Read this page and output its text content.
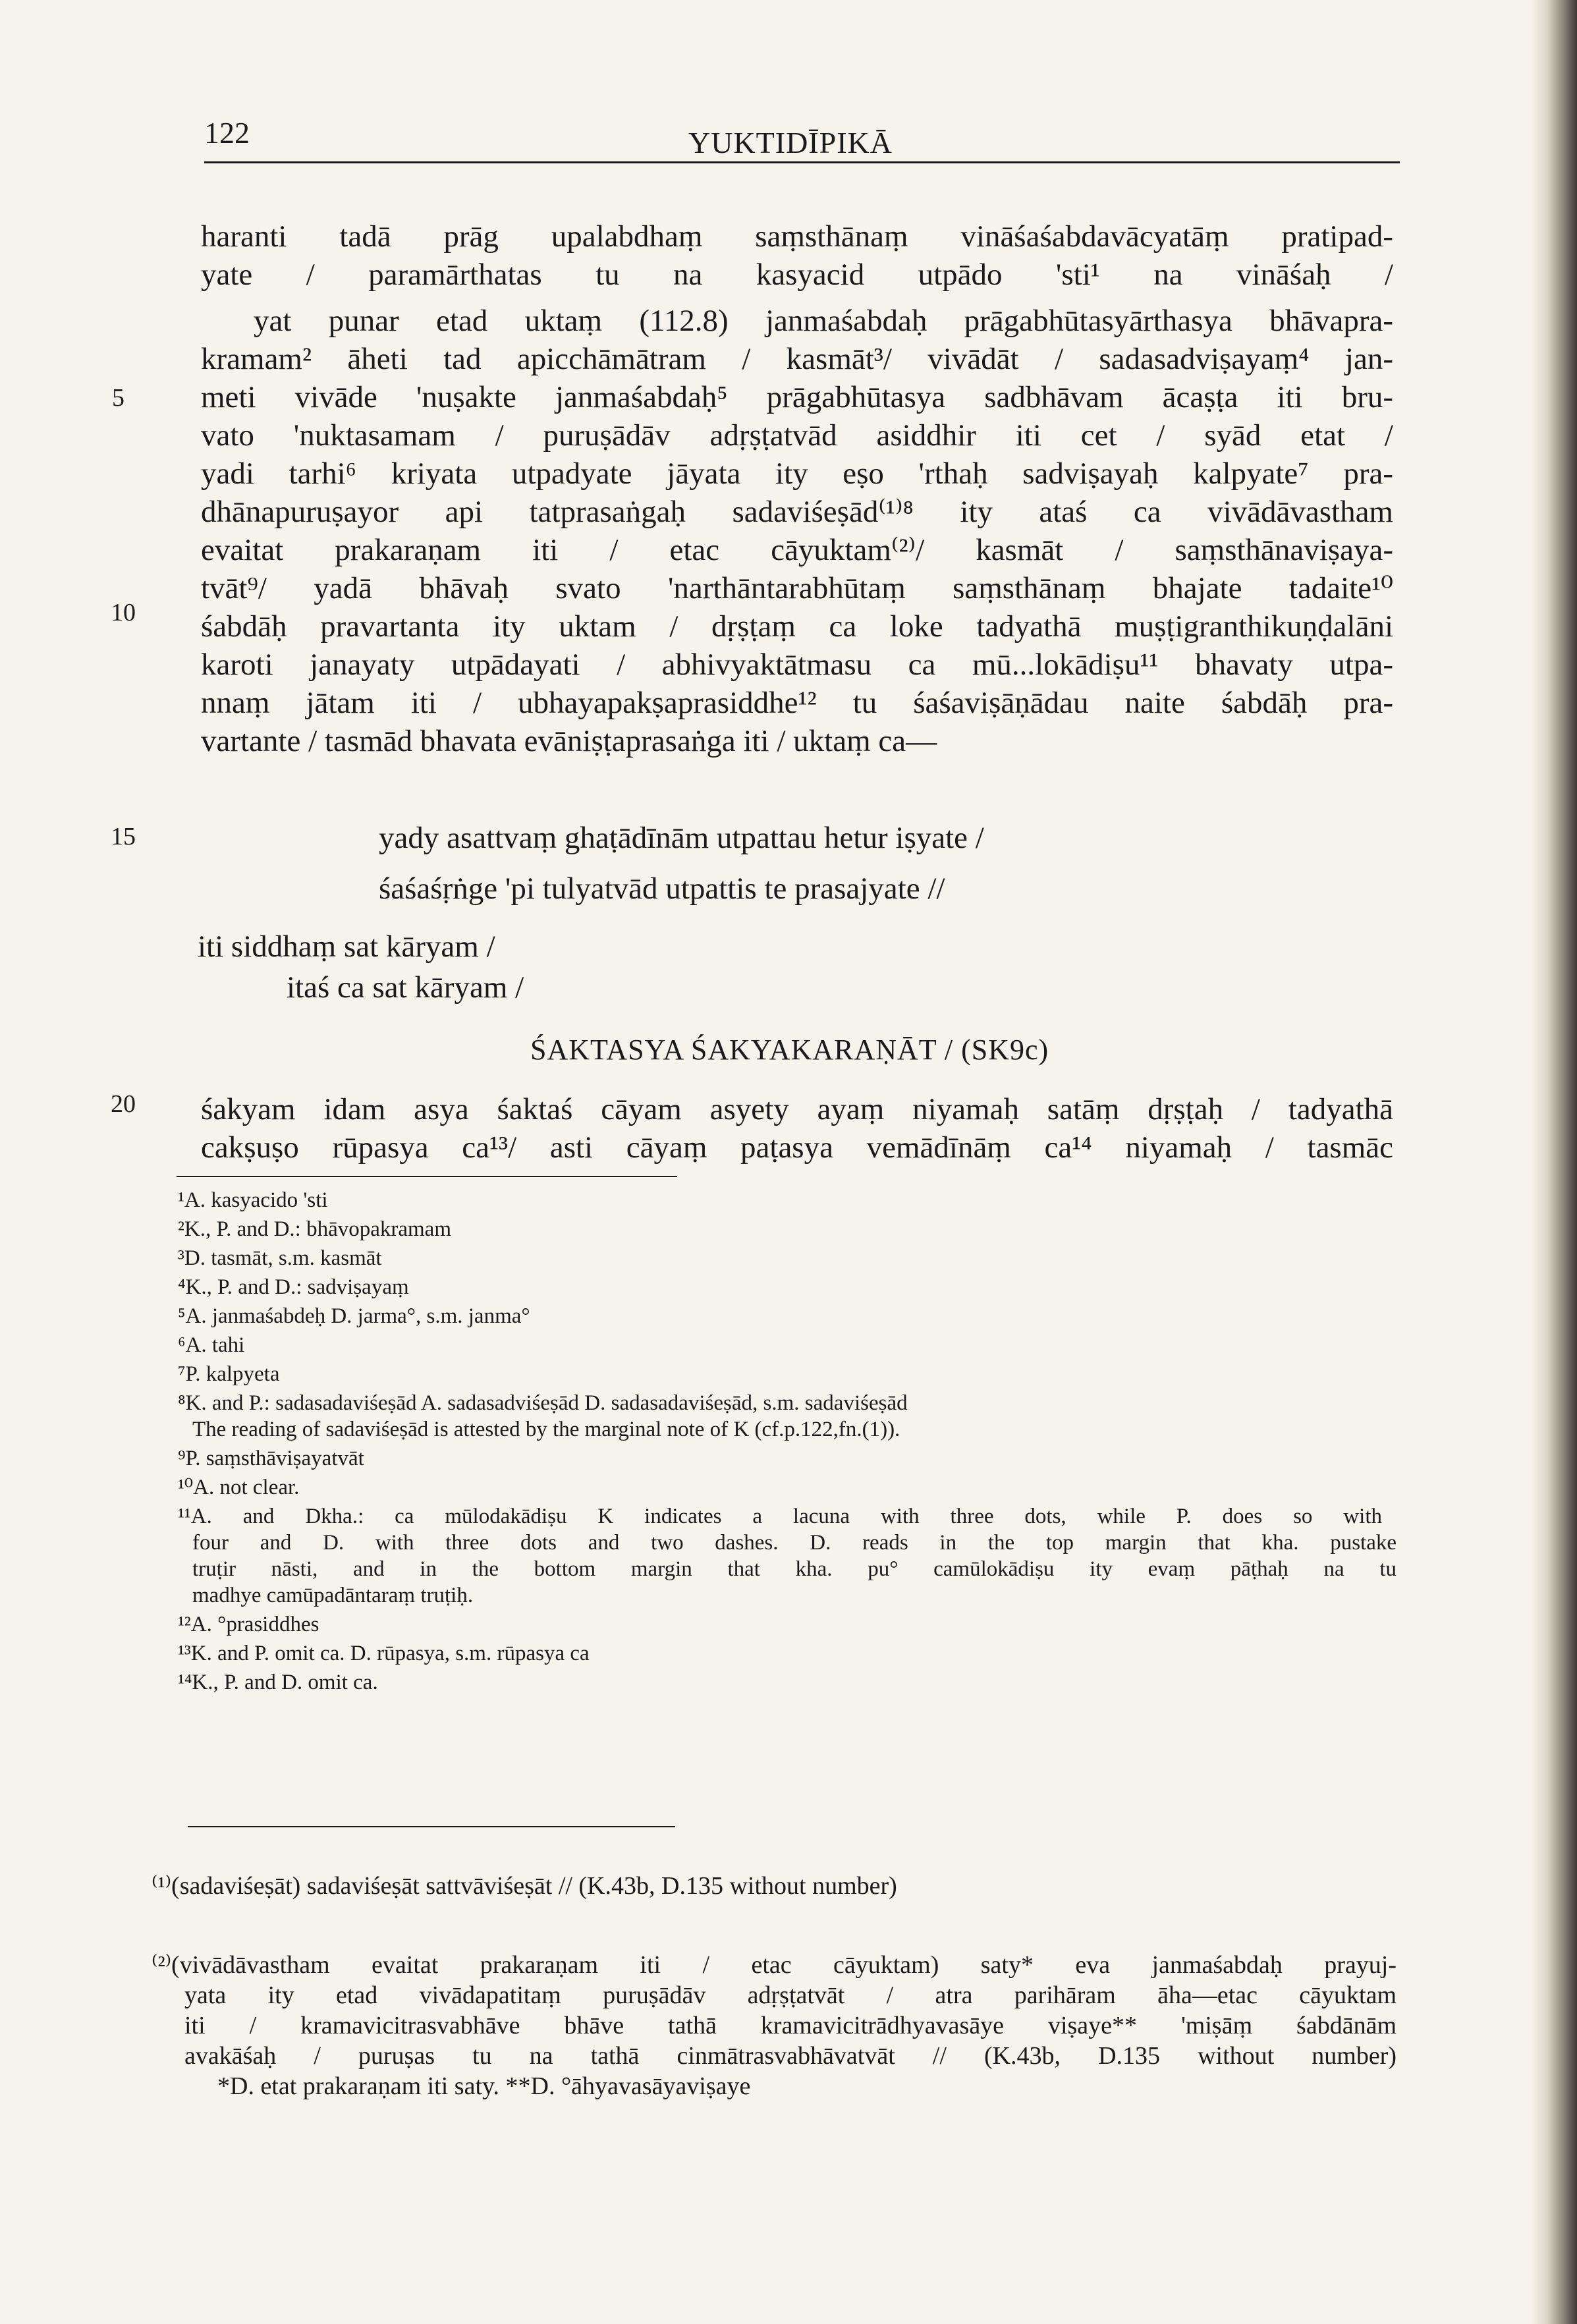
122	YUKTIDĪPIKĀ
haranti tadā prāg upalabdhaṃ saṃsthānaṃ vināśaśabdavācyatāṃ pratipad-
yate / paramārthatas tu na kasyacid utpādo 'sti¹ na vināśaḥ /
yat punar etad uktaṃ (112.8) janmaśabdaḥ prāgabhūtasyārthasya bhāvapra-
kramam² āheti tad apicchāmātram / kasmāt³/ vivādāt / sadasadviṣayaṃ⁴ jan-
meti vivāde 'nuṣakte janmaśabdaḥ⁵ prāgabhūtasya sadbhāvam ācaṣṭa iti bru-
vato 'nuktasamam / puruṣādāv adṛṣṭatvād asiddhir iti cet / syād etat /
yadi tarhi⁶ kriyata utpadyate jāyata ity eṣo 'rthaḥ sadviṣayaḥ kalpyate⁷ pra-
dhānapuruṣayor api tatprasaṅgaḥ sadaviśeṣād⁽¹⁾⁸ ity ataś ca vivādāvastham
evaitat prakaraṇam iti / etac cāyuktam⁽²⁾/ kasmāt / saṃsthānaviṣaya-
tvāt⁹/ yadā bhāvaḥ svato 'narthāntarabhūtaṃ saṃsthānaṃ bhajate tadaite¹⁰
śabdāḥ pravartanta ity uktam / dṛṣṭaṃ ca loke tadyathā muṣṭigranthikuṇḍalāni
karoti janayaty utpādayati / abhivyaktātmasu ca mū...lokādiṣu¹¹ bhavaty utpa-
nnaṃ jātam iti / ubhayapakṣaprasiddhe¹² tu śaśaviṣāṇādau naite śabdāḥ pra-
vartante / tasmād bhavata evāniṣṭaprasaṅga iti / uktaṃ ca—
5
10
15
20
yady asattvaṃ ghaṭādīnām utpattau hetur iṣyate /
śaśaśṛṅge 'pi tulyatvād utpattis te prasajyate //
iti siddhaṃ sat kāryam /
itaś ca sat kāryam /
ŚAKTASYA ŚAKYAKARAṆĀT / (SK9c)
śakyam idam asya śaktaś cāyam asyety ayaṃ niyamaḥ satāṃ dṛṣṭaḥ / tadyathā
cakṣuṣo rūpasya ca¹³/ asti cāyaṃ paṭasya vemādīnāṃ ca¹⁴ niyamaḥ / tasmāc
¹A. kasyacido 'sti
²K., P. and D.: bhāvopakramam
³D. tasmāt, s.m. kasmāt
⁴K., P. and D.: sadviṣayaṃ
⁵A. janmaśabdeḥ D. jarma°, s.m. janma°
⁶A. tahi
⁷P. kalpyeta
⁸K. and P.: sadasadaviśeṣād A. sadasadviśeṣād D. sadasadaviśeṣād, s.m. sadaviśeṣād
The reading of sadaviśeṣād is attested by the marginal note of K (cf.p.122,fn.(1)).
⁹P. saṃsthāviṣayatvāt
¹⁰A. not clear.
¹¹A. and Dkha.: ca mūlodakādiṣu K indicates a lacuna with three dots, while P. does so with
four and D. with three dots and two dashes. D. reads in the top margin that kha. pustake
truṭir nāsti, and in the bottom margin that kha. pu° camūlokādiṣu ity evaṃ pāṭhaḥ na tu
madhye camūpadāntaraṃ truṭiḥ.
¹²A. °prasiddhes
¹³K. and P. omit ca. D. rūpasya, s.m. rūpasya ca
¹⁴K., P. and D. omit ca.
⁽¹⁾(sadaviśeṣāt) sadaviśeṣāt sattvāviśeṣāt // (K.43b, D.135 without number)
⁽²⁾(vivādāvastham evaitat prakaraṇam iti / etac cāyuktam) saty* eva janmaśabdaḥ prayuj-
yata ity etad vivādapatitaṃ puruṣādāv adṛṣṭatvāt / atra parihāram āha—etac cāyuktam
iti / kramavicitrasvabhāve bhāve tathā kramavicitrādhyavasāye viṣaye** 'miṣāṃ śabdānām
avakāśaḥ / puruṣas tu na tathā cinmātrasvabhāvatvāt // (K.43b, D.135 without number)
*D. etat prakaraṇam iti saty. **D. °āhyavasāyaviṣaye
